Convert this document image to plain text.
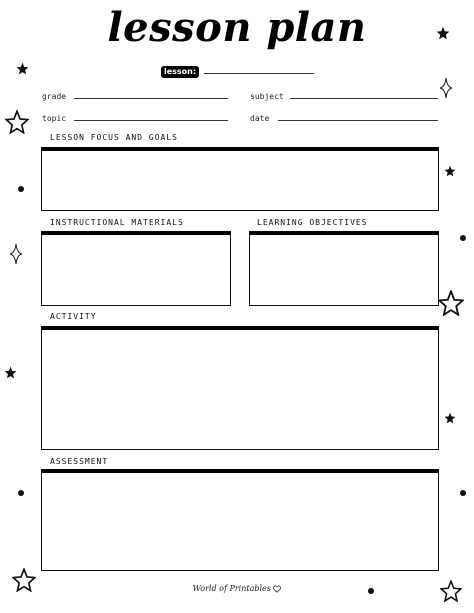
lesson plan
lesson:
grade	subject
topic	date
LESSON FOCUS AND GOALS
INSTRUCTIONAL MATERIALS	LEARNING OBJECTIVES
ACTIVITY
ASSESSMENT
World of Printables
